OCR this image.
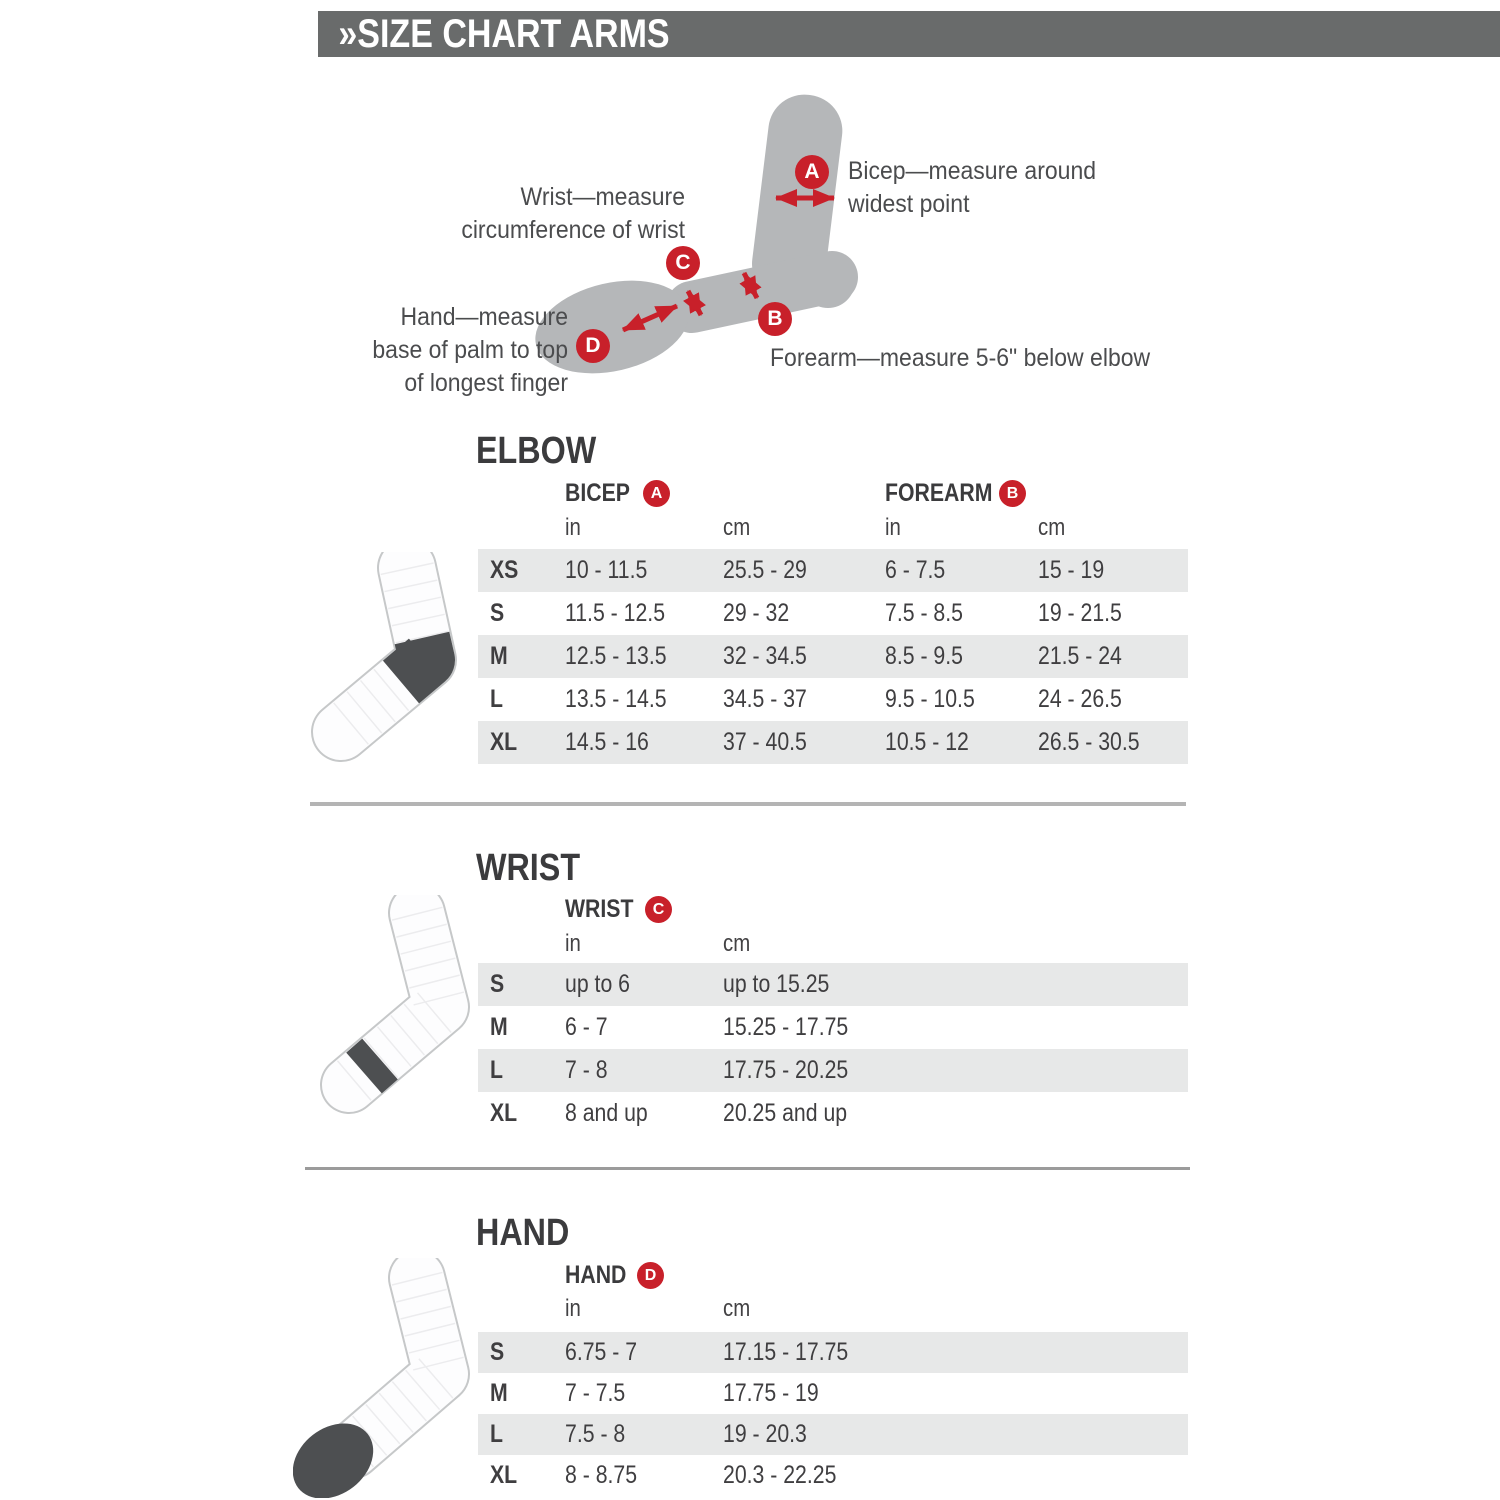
»SIZE CHART ARMS
A
B
C
D
Bicep—measure around widest point
Wrist—measure circumference of wrist
Hand—measure base of palm to top of longest finger
Forearm—measure 5-6" below elbow
ELBOW
BICEP	A	FOREARM B
in	cm	in	cm
XS 10 - 11.5	25.5 - 29	6 - 7.5	15 - 19
S 11.5 - 12.5	29 - 32	7.5 - 8.5	19 - 21.5
M 12.5 - 13.5	32 - 34.5	8.5 - 9.5	21.5 - 24
L 13.5 - 14.5	34.5 - 37	9.5 - 10.5	24 - 26.5
XL 14.5 - 16	37 - 40.5	10.5 - 12	26.5 - 30.5
WRIST
WRIST	C
in	cm
S up to 6	up to 15.25
M 6 - 7	15.25 - 17.75
L 7 - 8	17.75 - 20.25
XL 8 and up	20.25 and up
HAND
HAND	D
in	cm
S 6.75 - 7	17.15 - 17.75
M 7 - 7.5	17.75 - 19
L 7.5 - 8	19 - 20.3
XL 8 - 8.75	20.3 - 22.25
